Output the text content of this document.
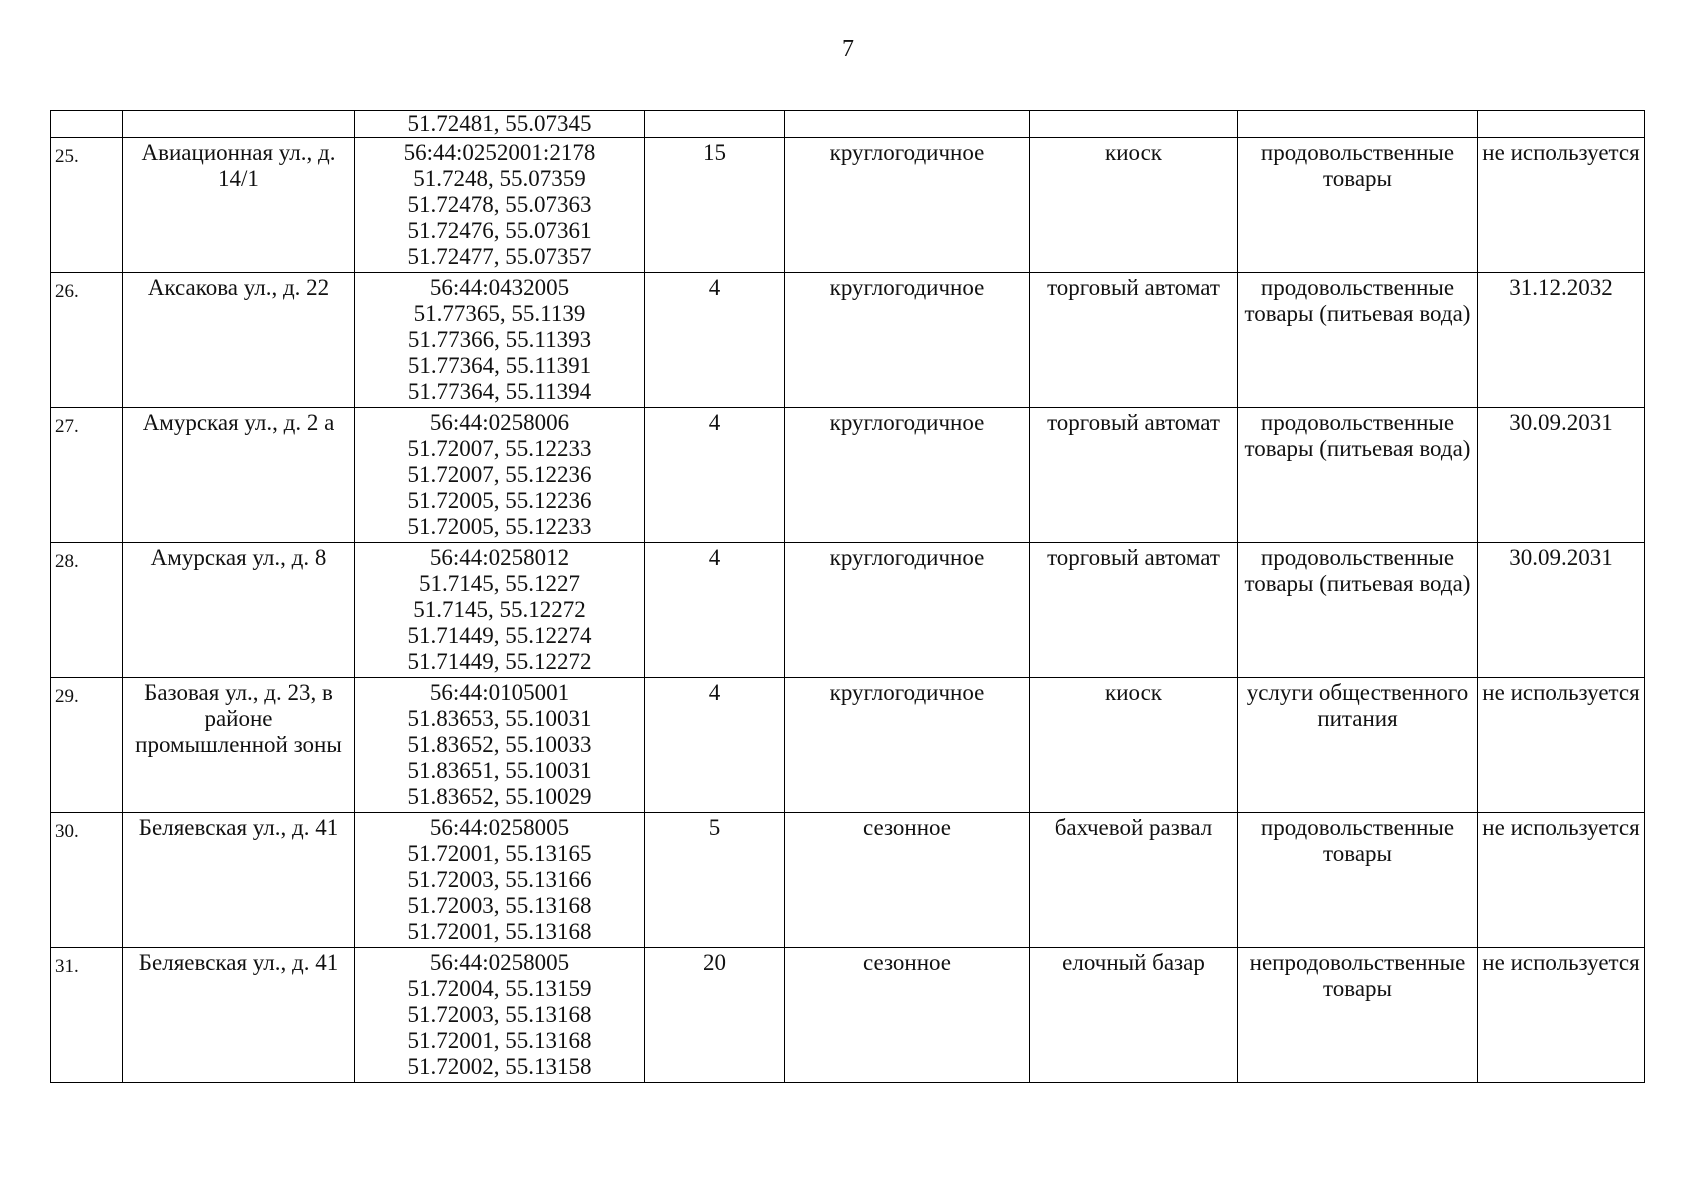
7

		51.72481, 55.07345					

25.	Авиационная ул., д. 14/1	56:44:0252001:2178
51.7248, 55.07359
51.72478, 55.07363
51.72476, 55.07361
51.72477, 55.07357	15	круглогодичное	киоск	продовольственные товары	не используется
26.	Аксакова ул., д. 22	56:44:0432005
51.77365, 55.1139
51.77366, 55.11393
51.77364, 55.11391
51.77364, 55.11394	4	круглогодичное	торговый автомат	продовольственные товары (питьевая вода)	31.12.2032
27.	Амурская ул., д. 2 а	56:44:0258006
51.72007, 55.12233
51.72007, 55.12236
51.72005, 55.12236
51.72005, 55.12233	4	круглогодичное	торговый автомат	продовольственные товары (питьевая вода)	30.09.2031
28.	Амурская ул., д. 8	56:44:0258012
51.7145, 55.1227
51.7145, 55.12272
51.71449, 55.12274
51.71449, 55.12272	4	круглогодичное	торговый автомат	продовольственные товары (питьевая вода)	30.09.2031
29.	Базовая ул., д. 23, в районе промышленной зоны	56:44:0105001
51.83653, 55.10031
51.83652, 55.10033
51.83651, 55.10031
51.83652, 55.10029	4	круглогодичное	киоск	услуги общественного питания	не используется
30.	Беляевская ул., д. 41	56:44:0258005
51.72001, 55.13165
51.72003, 55.13166
51.72003, 55.13168
51.72001, 55.13168	5	сезонное	бахчевой развал	продовольственные товары	не используется
31.	Беляевская ул., д. 41	56:44:0258005
51.72004, 55.13159
51.72003, 55.13168
51.72001, 55.13168
51.72002, 55.13158	20	сезонное	елочный базар	непродовольственные товары	не используется
